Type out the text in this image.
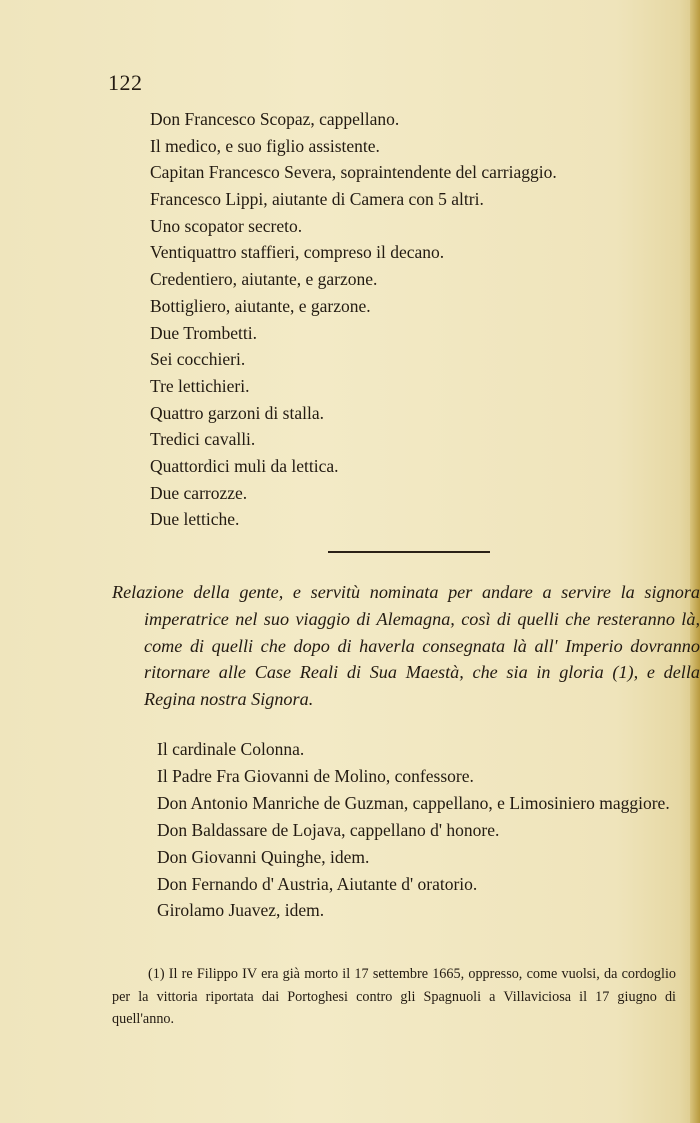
122
Don Francesco Scopaz, cappellano.
Il medico, e suo figlio assistente.
Capitan Francesco Severa, sopraintendente del carriaggio.
Francesco Lippi, aiutante di Camera con 5 altri.
Uno scopator secreto.
Ventiquattro staffieri, compreso il decano.
Credentiero, aiutante, e garzone.
Bottigliero, aiutante, e garzone.
Due Trombetti.
Sei cocchieri.
Tre lettichieri.
Quattro garzoni di stalla.
Tredici cavalli.
Quattordici muli da lettica.
Due carrozze.
Due lettiche.

Relazione della gente, e servitù nominata per andare a servire la signora imperatrice nel suo viaggio di Alemagna, così di quelli che resteranno là, come di quelli che dopo di haverla consegnata là all' Imperio dovranno ritornare alle Case Reali di Sua Maestà, che sia in gloria (1), e della Regina nostra Signora.

Il cardinale Colonna.
Il Padre Fra Giovanni de Molino, confessore.
Don Antonio Manriche de Guzman, cappellano, e Limosiniero maggiore.
Don Baldassare de Lojava, cappellano d' honore.
Don Giovanni Quinghe, idem.
Don Fernando d' Austria, Aiutante d' oratorio.
Girolamo Juavez, idem.

(1) Il re Filippo IV era già morto il 17 settembre 1665, oppresso, come vuolsi, da cordoglio per la vittoria riportata dai Portoghesi contro gli Spagnuoli a Villaviciosa il 17 giugno di quell'anno.
